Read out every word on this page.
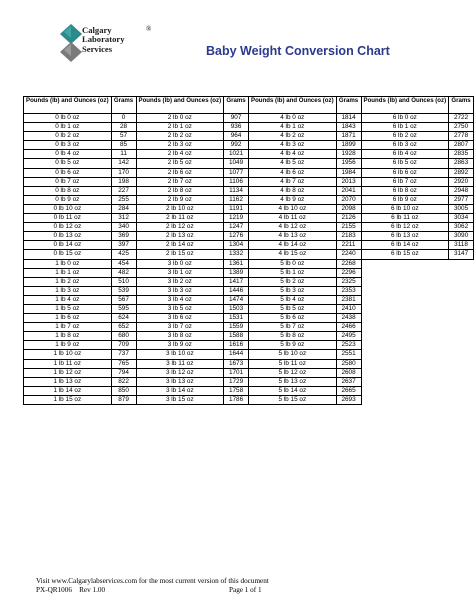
Calgary
Laboratory
Services
®
Baby Weight Conversion Chart
Pounds (lb) and Ounces (oz)	Grams	Pounds (lb) and Ounces (oz)	Grams	Pounds (lb) and Ounces (oz)	Grams	Pounds (lb) and Ounces (oz)	Grams
0 lb 0 oz	0	2 lb 0 oz	907	4 lb 0 oz	1814	6 lb 0 oz	2722
0 lb 1 oz	28	2 lb 1 oz	936	4 lb 1 oz	1843	6 lb 1 oz	2750
0 lb 2 oz	57	2 lb 2 oz	964	4 lb 2 oz	1871	6 lb 2 oz	2778
0 lb 3 oz	85	2 lb 3 oz	992	4 lb 3 oz	1899	6 lb 3 oz	2807
0 lb 4 oz	11	2 lb 4 oz	1021	4 lb 4 oz	1928	6 lb 4 oz	2835
0 lb 5 oz	142	2 lb 5 oz	1049	4 lb 5 oz	1956	6 lb 5 oz	2863
0 lb 6 oz	170	2 lb 6 oz	1077	4 lb 6 oz	1984	6 lb 6 oz	2892
0 lb 7 oz	198	2 lb 7 oz	1106	4 lb 7 oz	2013	6 lb 7 oz	2920
0 lb 8 oz	227	2 lb 8 oz	1134	4 lb 8 oz	2041	6 lb 8 oz	2948
0 lb 9 oz	255	2 lb 9 oz	1162	4 lb 9 oz	2070	6 lb 9 oz	2977
0 lb 10 oz	284	2 lb 10 oz	1191	4 lb 10 oz	2098	6 lb 10 oz	3005
0 lb 11 oz	312	2 lb 11 oz	1219	4 lb 11 oz	2126	6 lb 11 oz	3034
0 lb 12 oz	340	2 lb 12 oz	1247	4 lb 12 oz	2155	6 lb 12 oz	3062
0 lb 13 oz	369	2 lb 13 oz	1276	4 lb 13 oz	2183	6 lb 13 oz	3090
0 lb 14 oz	397	2 lb 14 oz	1304	4 lb 14 oz	2211	6 lb 14 oz	3118
0 lb 15 oz	425	2 lb 15 oz	1332	4 lb 15 oz	2240	6 lb 15 oz	3147
1 lb 0 oz	454	3 lb 0 oz	1361	5 lb 0 oz	2268		
1 lb 1 oz	482	3 lb 1 oz	1389	5 lb 1 oz	2296		
1 lb 2 oz	510	3 lb 2 oz	1417	5 lb 2 oz	2325		
1 lb 3 oz	539	3 lb 3 oz	1446	5 lb 3 oz	2353		
1 lb 4 oz	567	3 lb 4 oz	1474	5 lb 4 oz	2381		
1 lb 5 oz	595	3 lb 5 oz	1503	5 lb 5 oz	2410		
1 lb 6 oz	624	3 lb 6 oz	1531	5 lb 6 oz	2438		
1 lb 7 oz	652	3 lb 7 oz	1559	5 lb 7 oz	2466		
1 lb 8 oz	680	3 lb 8 oz	1588	5 lb 8 oz	2495		
1 lb 9 oz	709	3 lb 9 oz	1616	5 lb 9 oz	2523		
1 lb 10 oz	737	3 lb 10 oz	1644	5 lb 10 oz	2551		
1 lb 11 oz	765	3 lb 11 oz	1673	5 lb 11 oz	2580		
1 lb 12 oz	794	3 lb 12 oz	1701	5 lb 12 oz	2608		
1 lb 13 oz	822	3 lb 13 oz	1729	5 lb 13 oz	2637		
1 lb 14 oz	850	3 lb 14 oz	1758	5 lb 14 oz	2665		
1 lb 15 oz	879	3 lb 15 oz	1786	5 lb 15 oz	2693		
Visit www.Calgarylabservices.com for the most current version of this document
PX-QR1006    Rev 1.00	Page 1 of 1
